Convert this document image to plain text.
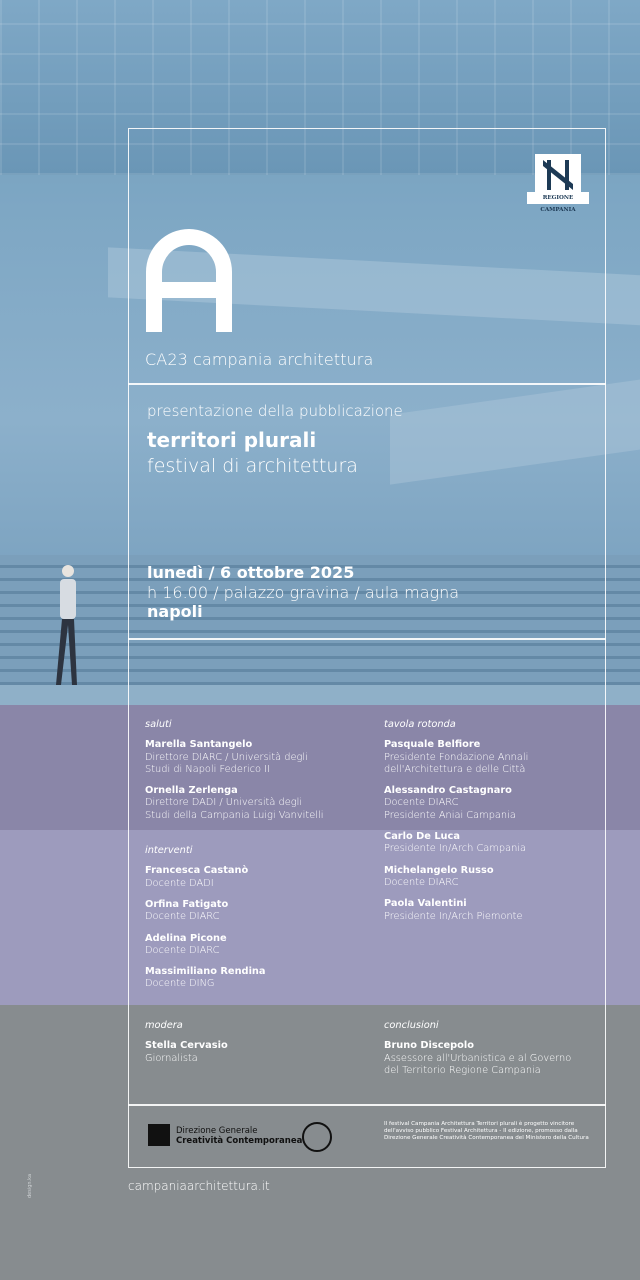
REGIONE CAMPANIA
CA23 campania architettura
presentazione della pubblicazione
territori plurali
festival di architettura
lunedì / 6 ottobre 2025
h 16.00 / palazzo gravina / aula magna
napoli
saluti
Marella Santangelo
Direttore DIARC / Università degli
Studi di Napoli Federico II
Ornella Zerlenga
Direttore DADI / Università degli
Studi della Campania Luigi Vanvitelli
interventi
Francesca Castanò
Docente DADI
Orfina Fatigato
Docente DIARC
Adelina Picone
Docente DIARC
Massimiliano Rendina
Docente DING
tavola rotonda
Pasquale Belfiore
Presidente Fondazione Annali
dell'Architettura e delle Città
Alessandro Castagnaro
Docente DIARC
Presidente Aniai Campania
Carlo De Luca
Presidente In/Arch Campania
Michelangelo Russo
Docente DIARC
Paola Valentini
Presidente In/Arch Piemonte
modera
Stella Cervasio
Giornalista
conclusioni
Bruno Discepolo
Assessore all'Urbanistica e al Governo
del Territorio Regione Campania
Direzione Generale
Creatività Contemporanea
Il festival Campania Architettura Territori plurali è progetto vincitore dell'avviso pubblico Festival Architettura - II edizione, promosso dalla Direzione Generale Creatività Contemporanea del Ministero della Cultura
campaniaarchitettura.it
design.ka
